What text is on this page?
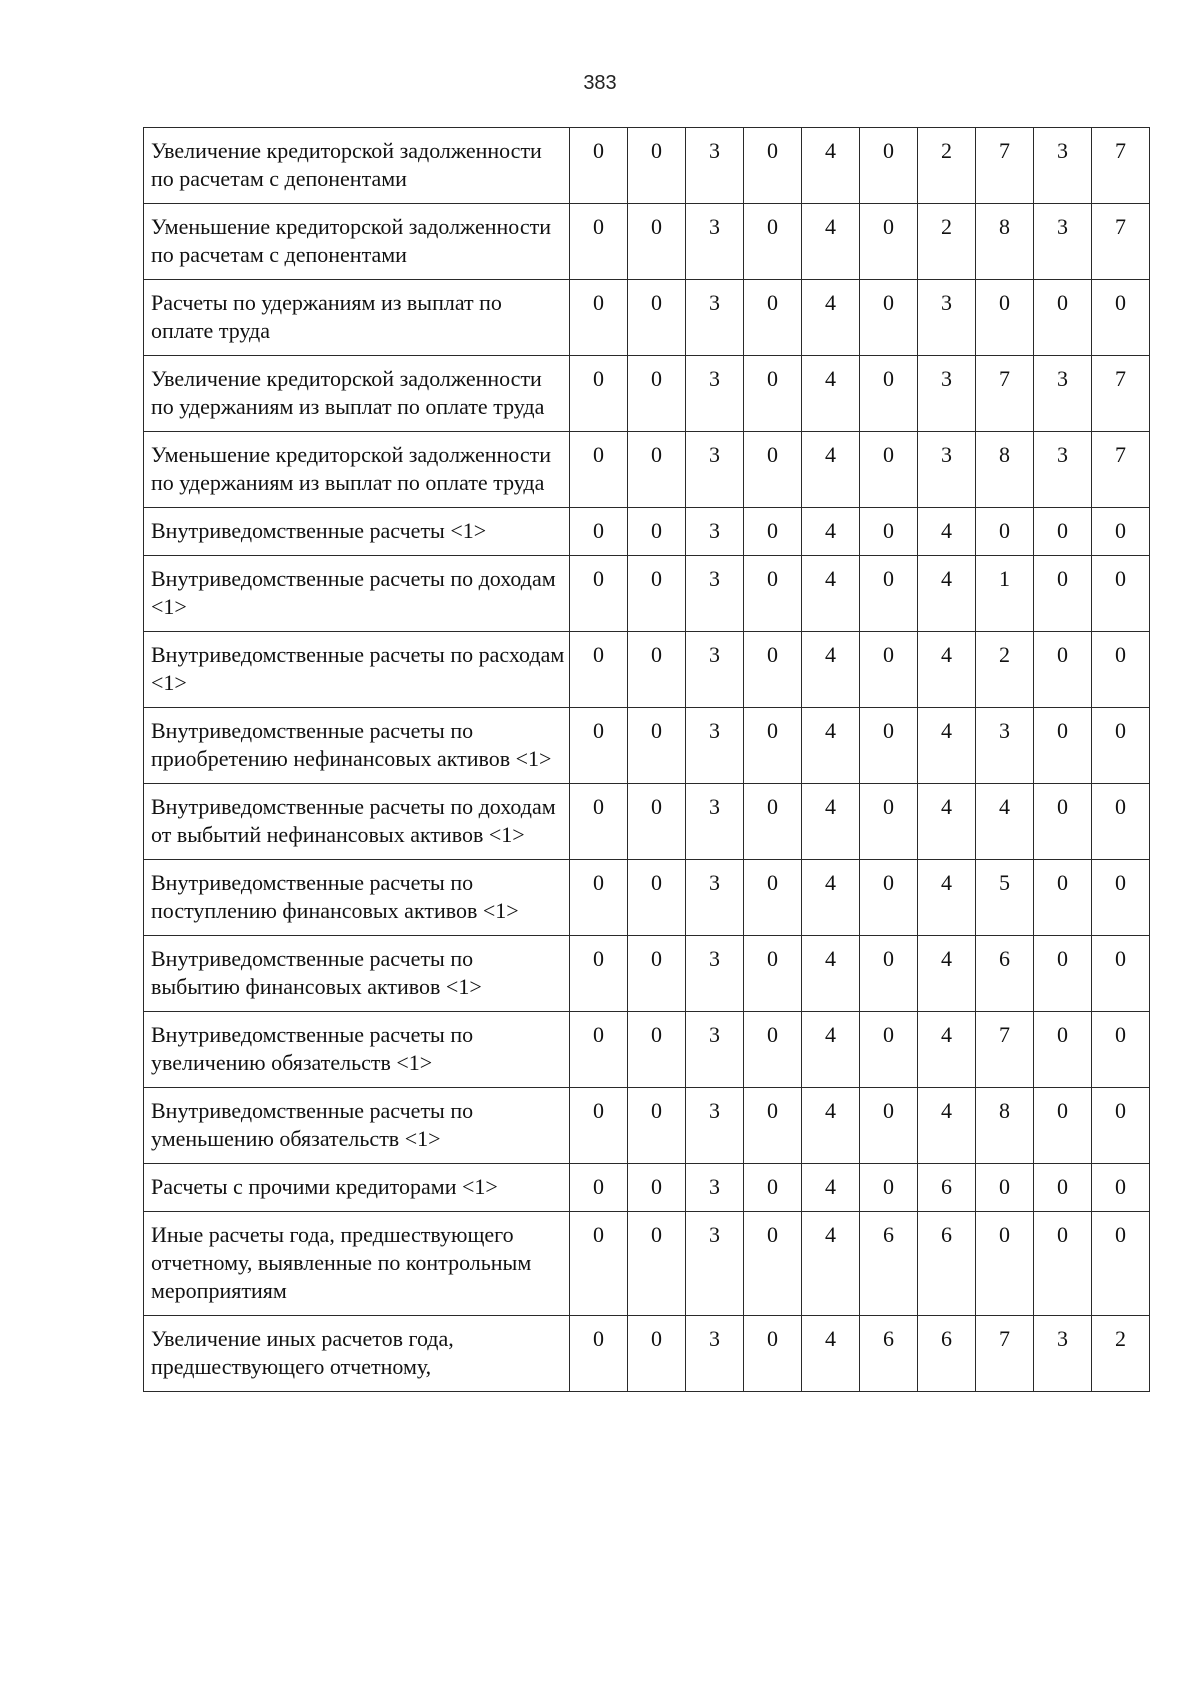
383
Увеличение кредиторской задолженности по расчетам с депонентами	0	0	3	0	4	0	2	7	3	7
Уменьшение кредиторской задолженности по расчетам с депонентами	0	0	3	0	4	0	2	8	3	7
Расчеты по удержаниям из выплат по оплате труда	0	0	3	0	4	0	3	0	0	0
Увеличение кредиторской задолженности по удержаниям из выплат по оплате труда	0	0	3	0	4	0	3	7	3	7
Уменьшение кредиторской задолженности по удержаниям из выплат по оплате труда	0	0	3	0	4	0	3	8	3	7
Внутриведомственные расчеты <1>	0	0	3	0	4	0	4	0	0	0
Внутриведомственные расчеты по доходам <1>	0	0	3	0	4	0	4	1	0	0
Внутриведомственные расчеты по расходам <1>	0	0	3	0	4	0	4	2	0	0
Внутриведомственные расчеты по приобретению нефинансовых активов <1>	0	0	3	0	4	0	4	3	0	0
Внутриведомственные расчеты по доходам от выбытий нефинансовых активов <1>	0	0	3	0	4	0	4	4	0	0
Внутриведомственные расчеты по поступлению финансовых активов <1>	0	0	3	0	4	0	4	5	0	0
Внутриведомственные расчеты по выбытию финансовых активов <1>	0	0	3	0	4	0	4	6	0	0
Внутриведомственные расчеты по увеличению обязательств <1>	0	0	3	0	4	0	4	7	0	0
Внутриведомственные расчеты по уменьшению обязательств <1>	0	0	3	0	4	0	4	8	0	0
Расчеты с прочими кредиторами <1>	0	0	3	0	4	0	6	0	0	0
Иные расчеты года, предшествующего отчетному, выявленные по контрольным мероприятиям	0	0	3	0	4	6	6	0	0	0
Увеличение иных расчетов года, предшествующего отчетному,	0	0	3	0	4	6	6	7	3	2
